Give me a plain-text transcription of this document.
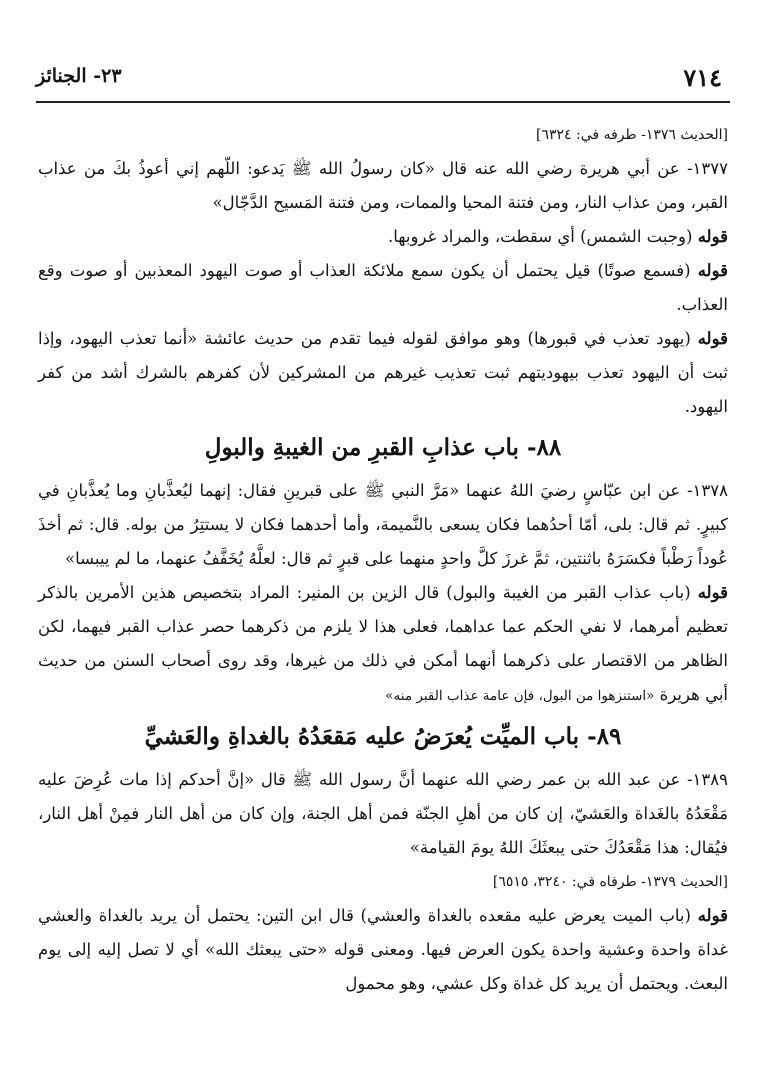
٧١٤
٢٣- الجنائز

[الحديث ١٣٧٦- طرفه في: ٦٣٢٤]

١٣٧٧- عن أبي هريرة رضي الله عنه قال «كان رسولُ الله ﷺ يَدعو: اللّهم إني أعوذُ بكَ من عذاب القبر، ومن عذاب النار، ومن فتنة المحيا والممات، ومن فتنة المَسيح الدَّجّال»

قوله (وجبت الشمس) أي سقطت، والمراد غروبها.

قوله (فسمع صوتًا) قيل يحتمل أن يكون سمع ملائكة العذاب أو صوت اليهود المعذبين أو صوت وقع العذاب.

قوله (يهود تعذب في قبورها) وهو موافق لقوله فيما تقدم من حديث عائشة «أنما تعذب اليهود، وإذا ثبت أن اليهود تعذب بيهوديتهم ثبت تعذيب غيرهم من المشركين لأن كفرهم بالشرك أشد من كفر اليهود.

٨٨- باب عذابِ القبرِ من الغيبةِ والبولِ

١٣٧٨- عن ابن عبّاسٍ رضيَ اللهُ عنهما «مَرَّ النبي ﷺ على قبرينِ فقال: إنهما ليُعذَّبانِ وما يُعذَّبانِ في كبيرٍ. ثم قال: بلى، أمّا أحدُهما فكان يسعى بالنَّميمة، وأما أحدهما فكان لا يستتِرُ من بوله. قال: ثم أخذَ عُوداً رَطْباً فكسَرَهُ باثنتين، ثمَّ غرزَ كلَّ واحدٍ منهما على قبرٍ ثم قال: لعلَّهُ يُخَفَّفُ عنهما، ما لم ييبسا»

قوله (باب عذاب القبر من الغيبة والبول) قال الزين بن المنير: المراد بتخصيص هذين الأمرين بالذكر تعظيم أمرهما، لا نفي الحكم عما عداهما، فعلى هذا لا يلزم من ذكرهما حصر عذاب القبر فيهما، لكن الظاهر من الاقتصار على ذكرهما أنهما أمكن في ذلك من غيرها، وقد روى أصحاب السنن من حديث أبي هريرة «استنزهوا من البول، فإن عامة عذاب القبر منه»

٨٩- باب الميِّت يُعرَضُ عليه مَقعَدُهُ بالغداةِ والعَشيِّ

١٣٨٩- عن عبد الله بن عمر رضي الله عنهما أنَّ رسول الله ﷺ قال «إنَّ أحدكم إذا مات عُرِضَ عليه مَقْعَدُهُ بالغَداة والعَشيّ، إن كان من أهلِ الجنّة فمن أهل الجنة، وإن كان من أهل النار فمِنْ أهل النار، فيُقال: هذا مَقْعَدُكَ حتى يبعثَكَ اللهُ يومَ القيامة»

[الحديث ١٣٧٩- طرفاه في: ٣٢٤٠، ٦٥١٥]

قوله (باب الميت يعرض عليه مقعده بالغداة والعشي) قال ابن التين: يحتمل أن يريد بالغداة والعشي غداة واحدة وعشية واحدة يكون العرض فيها. ومعنى قوله «حتى يبعثك الله» أي لا تصل إليه إلى يوم البعث. ويحتمل أن يريد كل غداة وكل عشي، وهو محمول
